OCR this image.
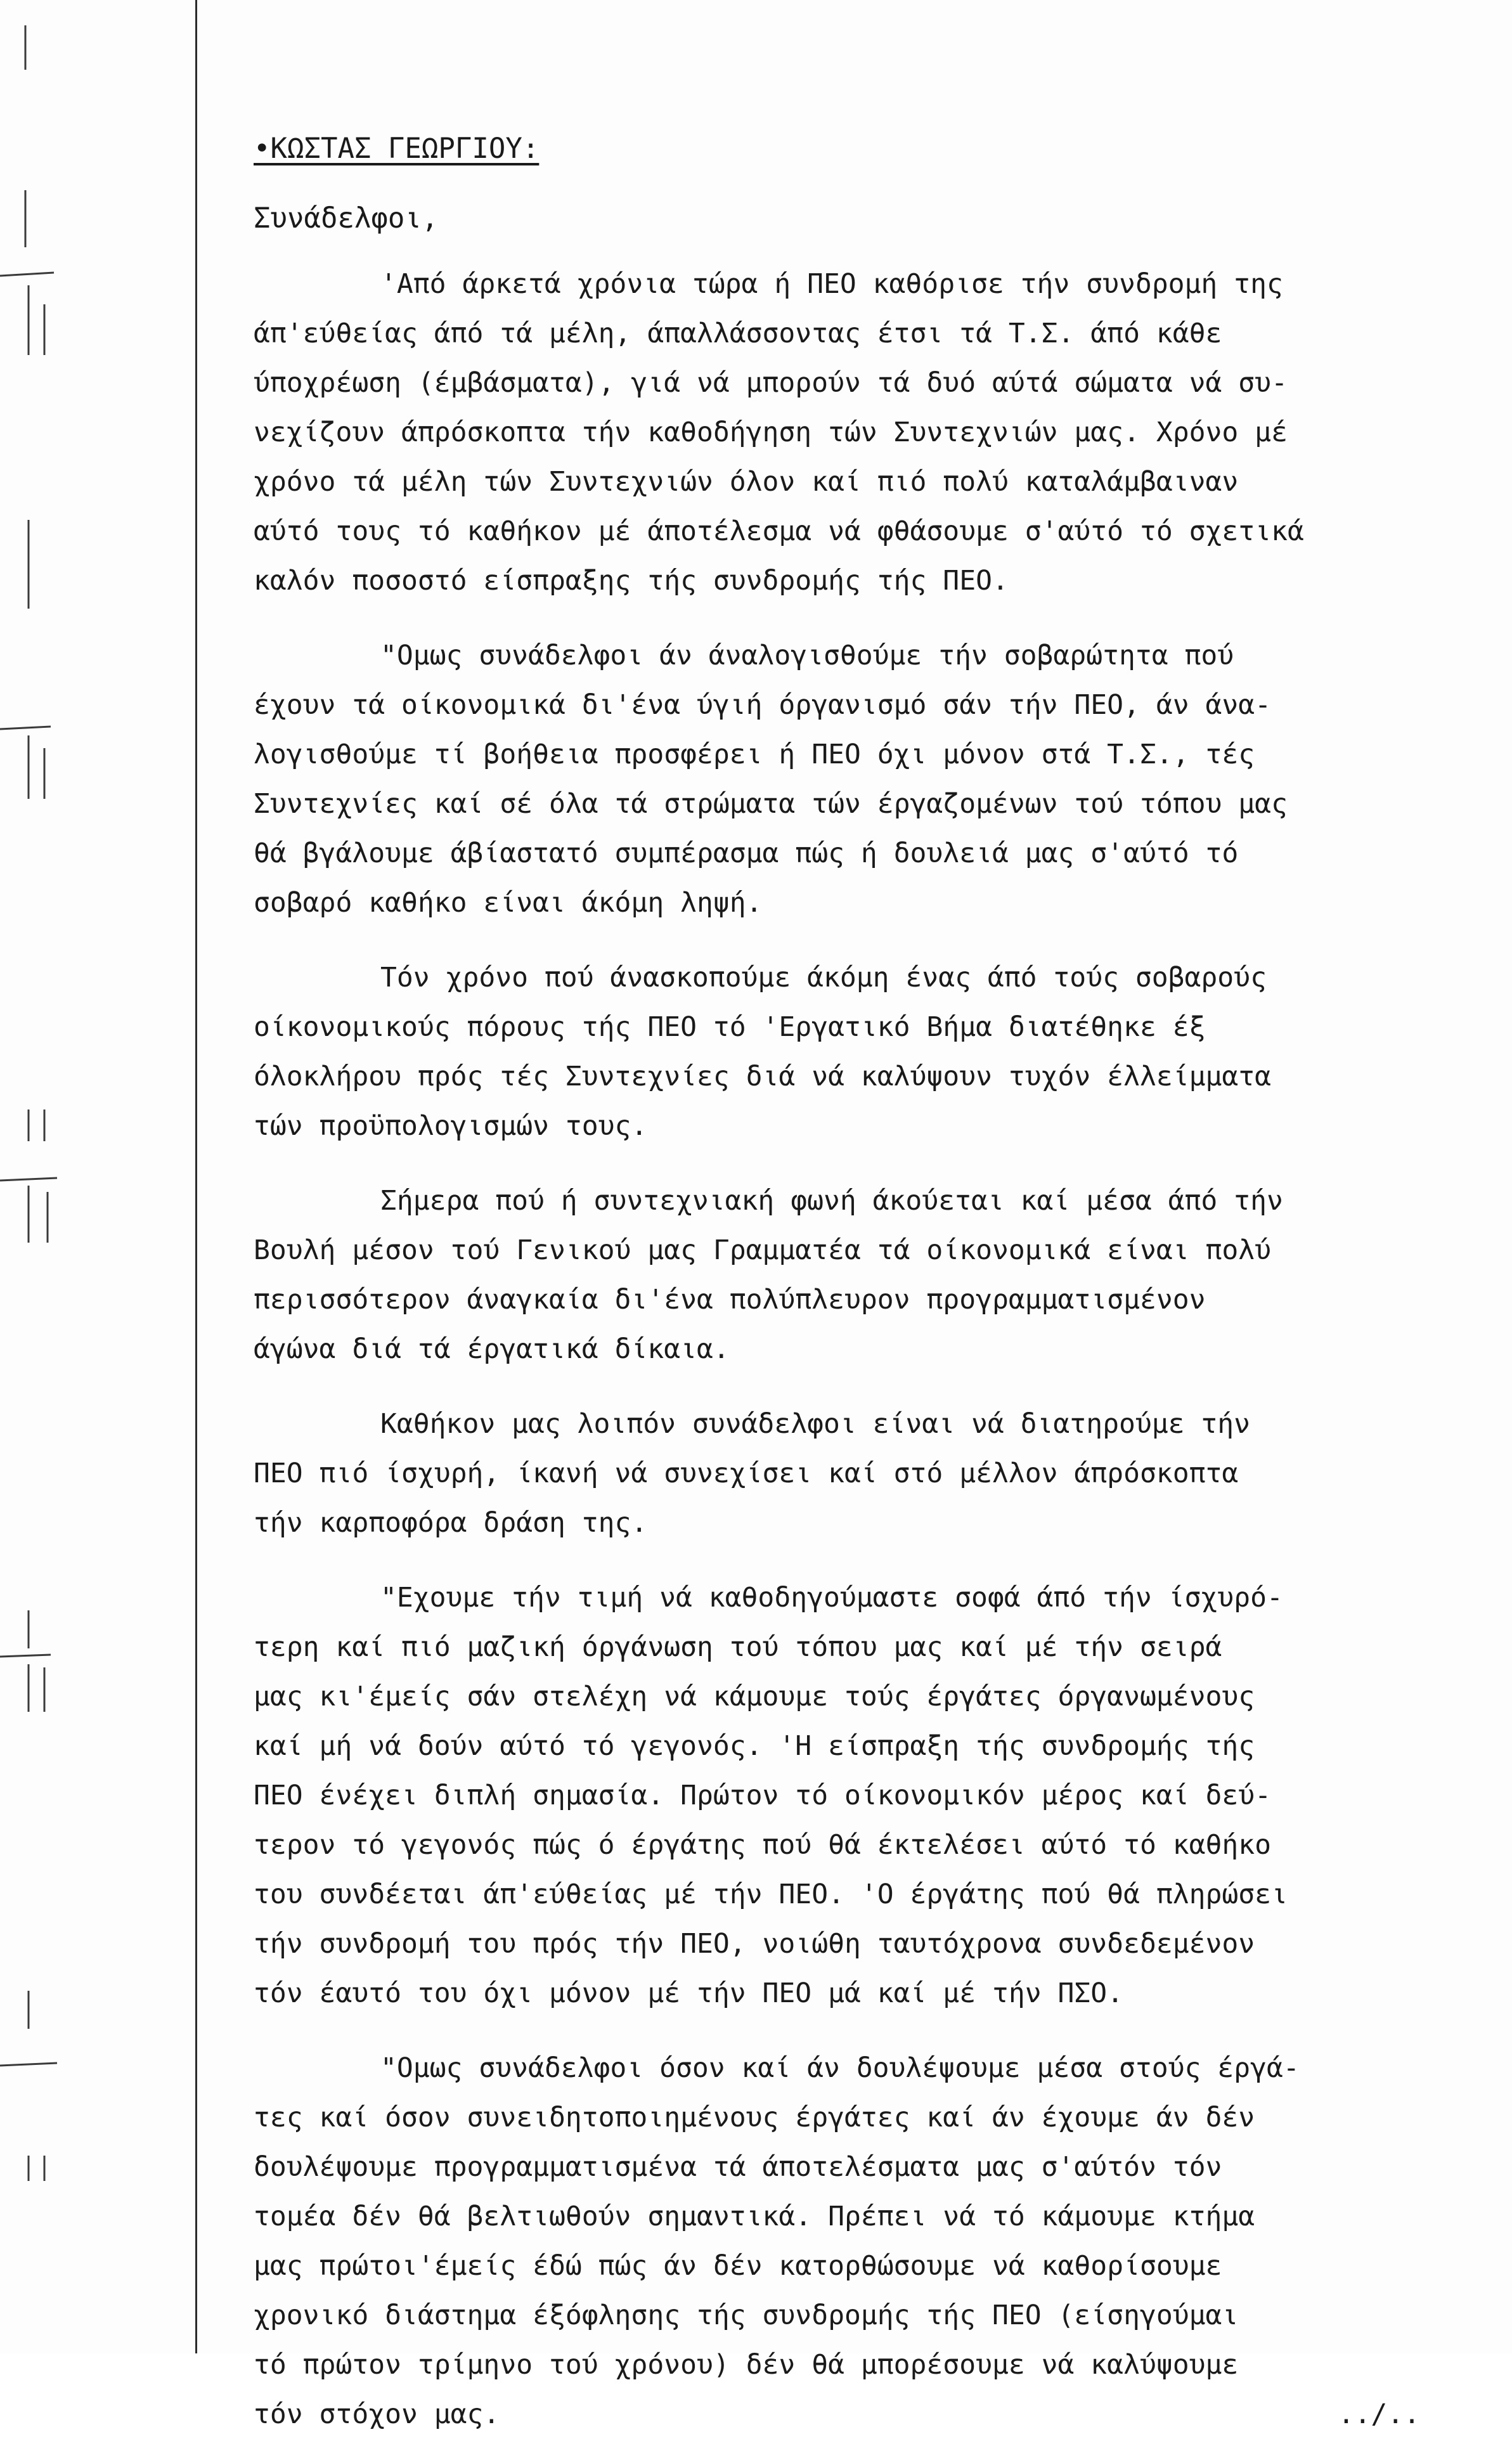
•ΚΩΣΤΑΣ ΓΕΩΡΓΙΟΥ:

Συνάδελφοι,

'Από άρκετά χρόνια τώρα ή ΠΕΟ καθόρισε τήν συνδρομή της
άπ'εύθείας άπό τά μέλη, άπαλλάσσοντας έτσι τά Τ.Σ. άπό κάθε
ύποχρέωση (έμβάσματα), γιά νά μπορούν τά δυό αύτά σώματα νά συ-
νεχίζουν άπρόσκοπτα τήν καθοδήγηση τών Συντεχνιών μας. Χρόνο μέ
χρόνο τά μέλη τών Συντεχνιών όλον καί πιό πολύ καταλάμβαιναν
αύτό τους τό καθήκον μέ άποτέλεσμα νά φθάσουμε σ'αύτό τό σχετικά
καλόν ποσοστό είσπραξης τής συνδρομής τής ΠΕΟ.
"Ομως συνάδελφοι άν άναλογισθούμε τήν σοβαρώτητα πού
έχουν τά οίκονομικά δι'ένα ύγιή όργανισμό σάν τήν ΠΕΟ, άν άνα-
λογισθούμε τί βοήθεια προσφέρει ή ΠΕΟ όχι μόνον στά Τ.Σ., τές
Συντεχνίες καί σέ όλα τά στρώματα τών έργαζομένων τού τόπου μας
θά βγάλουμε άβίαστατό συμπέρασμα πώς ή δουλειά μας σ'αύτό τό
σοβαρό καθήκο είναι άκόμη ληψή.
Τόν χρόνο πού άνασκοπούμε άκόμη ένας άπό τούς σοβαρούς
οίκονομικούς πόρους τής ΠΕΟ τό 'Εργατικό Βήμα διατέθηκε έξ
όλοκλήρου πρός τές Συντεχνίες διά νά καλύψουν τυχόν έλλείμματα
τών προϋπολογισμών τους.
Σήμερα πού ή συντεχνιακή φωνή άκούεται καί μέσα άπό τήν
Βουλή μέσον τού Γενικού μας Γραμματέα τά οίκονομικά είναι πολύ
περισσότερον άναγκαία δι'ένα πολύπλευρον προγραμματισμένον
άγώνα διά τά έργατικά δίκαια.
Καθήκον μας λοιπόν συνάδελφοι είναι νά διατηρούμε τήν
ΠΕΟ πιό ίσχυρή, ίκανή νά συνεχίσει καί στό μέλλον άπρόσκοπτα
τήν καρποφόρα δράση της.
"Εχουμε τήν τιμή νά καθοδηγούμαστε σοφά άπό τήν ίσχυρό-
τερη καί πιό μαζική όργάνωση τού τόπου μας καί μέ τήν σειρά
μας κι'έμείς σάν στελέχη νά κάμουμε τούς έργάτες όργανωμένους
καί μή νά δούν αύτό τό γεγονός. 'Η είσπραξη τής συνδρομής τής
ΠΕΟ ένέχει διπλή σημασία. Πρώτον τό οίκονομικόν μέρος καί δεύ-
τερον τό γεγονός πώς ό έργάτης πού θά έκτελέσει αύτό τό καθήκο
του συνδέεται άπ'εύθείας μέ τήν ΠΕΟ. 'Ο έργάτης πού θά πληρώσει
τήν συνδρομή του πρός τήν ΠΕΟ, νοιώθη ταυτόχρονα συνδεδεμένον
τόν έαυτό του όχι μόνον μέ τήν ΠΕΟ μά καί μέ τήν ΠΣΟ.
"Ομως συνάδελφοι όσον καί άν δουλέψουμε μέσα στούς έργά-
τες καί όσον συνειδητοποιημένους έργάτες καί άν έχουμε άν δέν
δουλέψουμε προγραμματισμένα τά άποτελέσματα μας σ'αύτόν τόν
τομέα δέν θά βελτιωθούν σημαντικά. Πρέπει νά τό κάμουμε κτήμα
μας πρώτοι'έμείς έδώ πώς άν δέν κατορθώσουμε νά καθορίσουμε
χρονικό διάστημα έξόφλησης τής συνδρομής τής ΠΕΟ (είσηγούμαι
τό πρώτον τρίμηνο τού χρόνου) δέν θά μπορέσουμε νά καλύψουμε
τόν στόχον μας.	../..
